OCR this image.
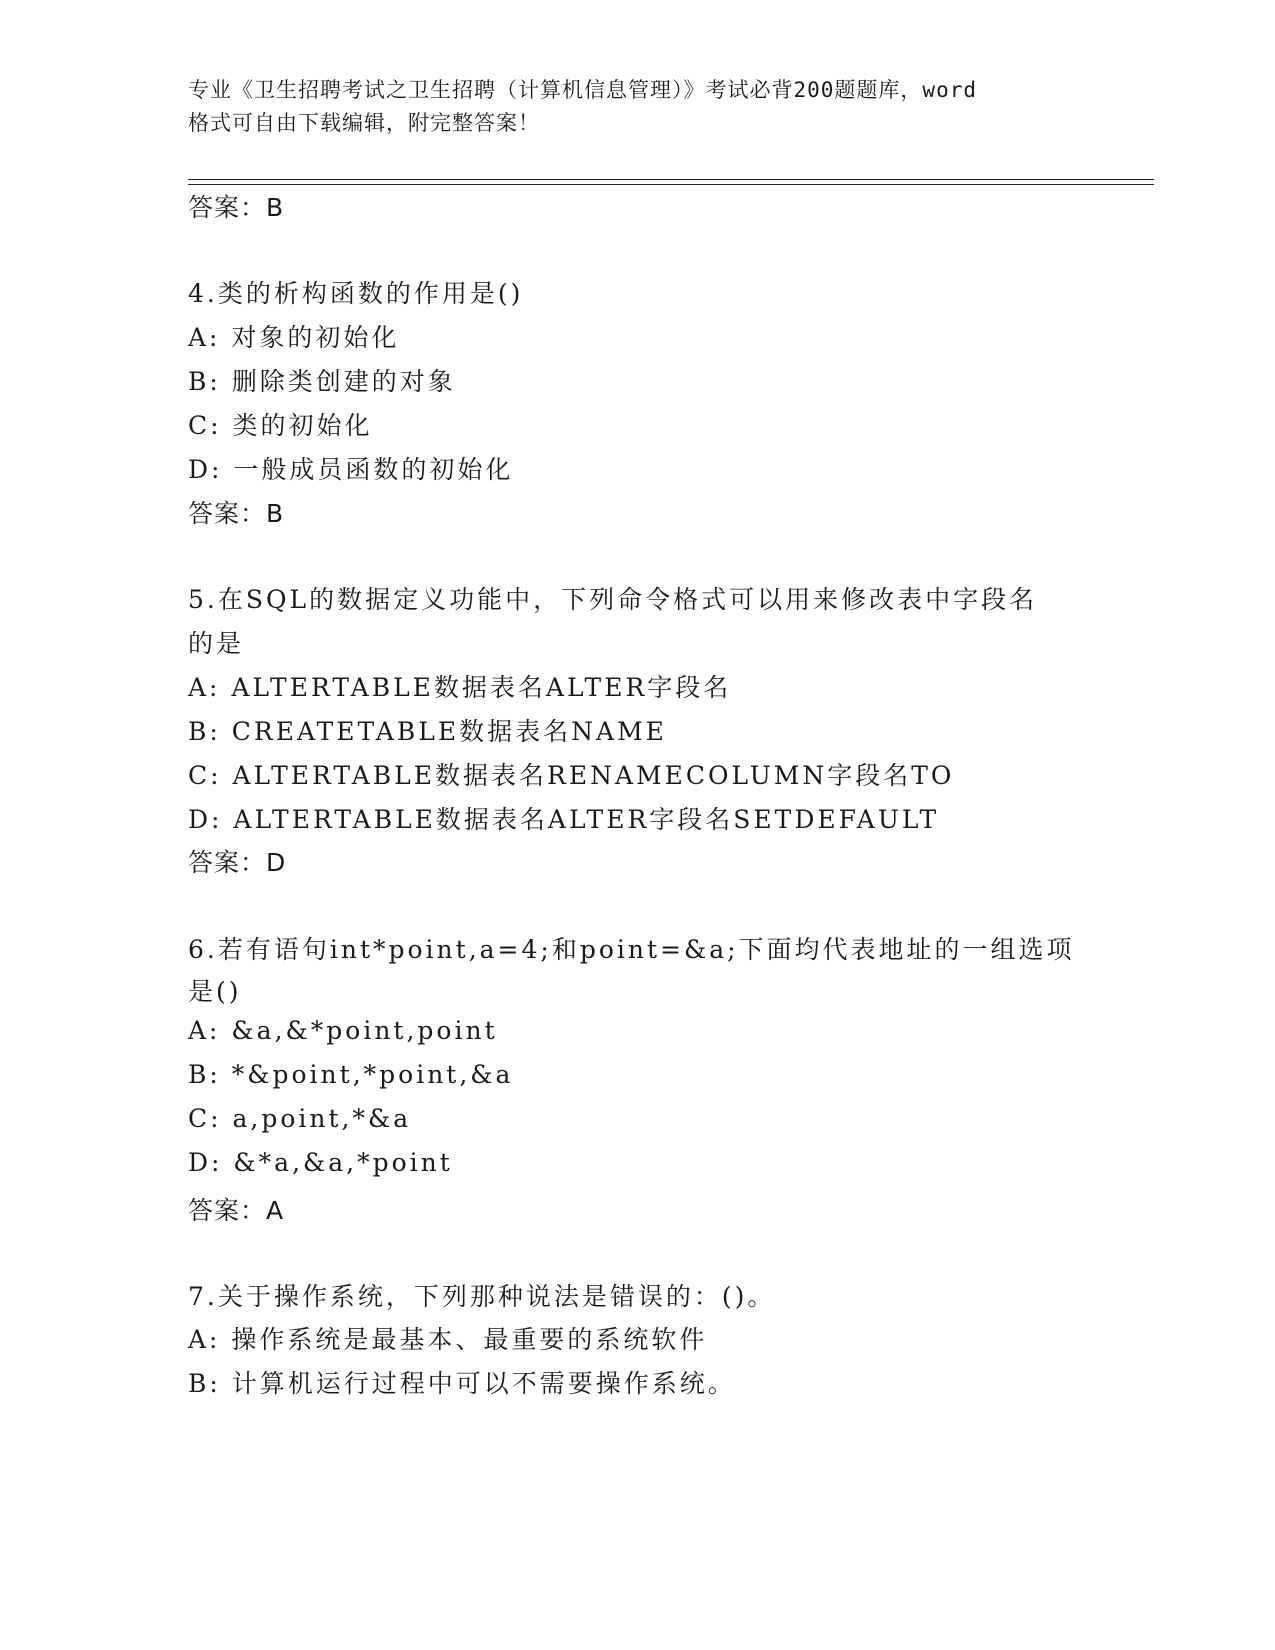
专业《卫生招聘考试之卫生招聘（计算机信息管理）》考试必背200题题库，word
格式可自由下载编辑，附完整答案！
答案：B
4.类的析构函数的作用是()
A: 对象的初始化
B: 删除类创建的对象
C: 类的初始化
D: 一般成员函数的初始化
答案：B
5.在SQL的数据定义功能中，下列命令格式可以用来修改表中字段名
的是
A: ALTERTABLE数据表名ALTER字段名
B: CREATETABLE数据表名NAME
C: ALTERTABLE数据表名RENAMECOLUMN字段名TO
D: ALTERTABLE数据表名ALTER字段名SETDEFAULT
答案：D
6.若有语句int*point,a=4;和point=&a;下面均代表地址的一组选项
是()
A: &a,&*point,point
B: *&point,*point,&a
C: a,point,*&a
D: &*a,&a,*point
答案：A
7.关于操作系统，下列那种说法是错误的：()。
A: 操作系统是最基本、最重要的系统软件
B: 计算机运行过程中可以不需要操作系统。
